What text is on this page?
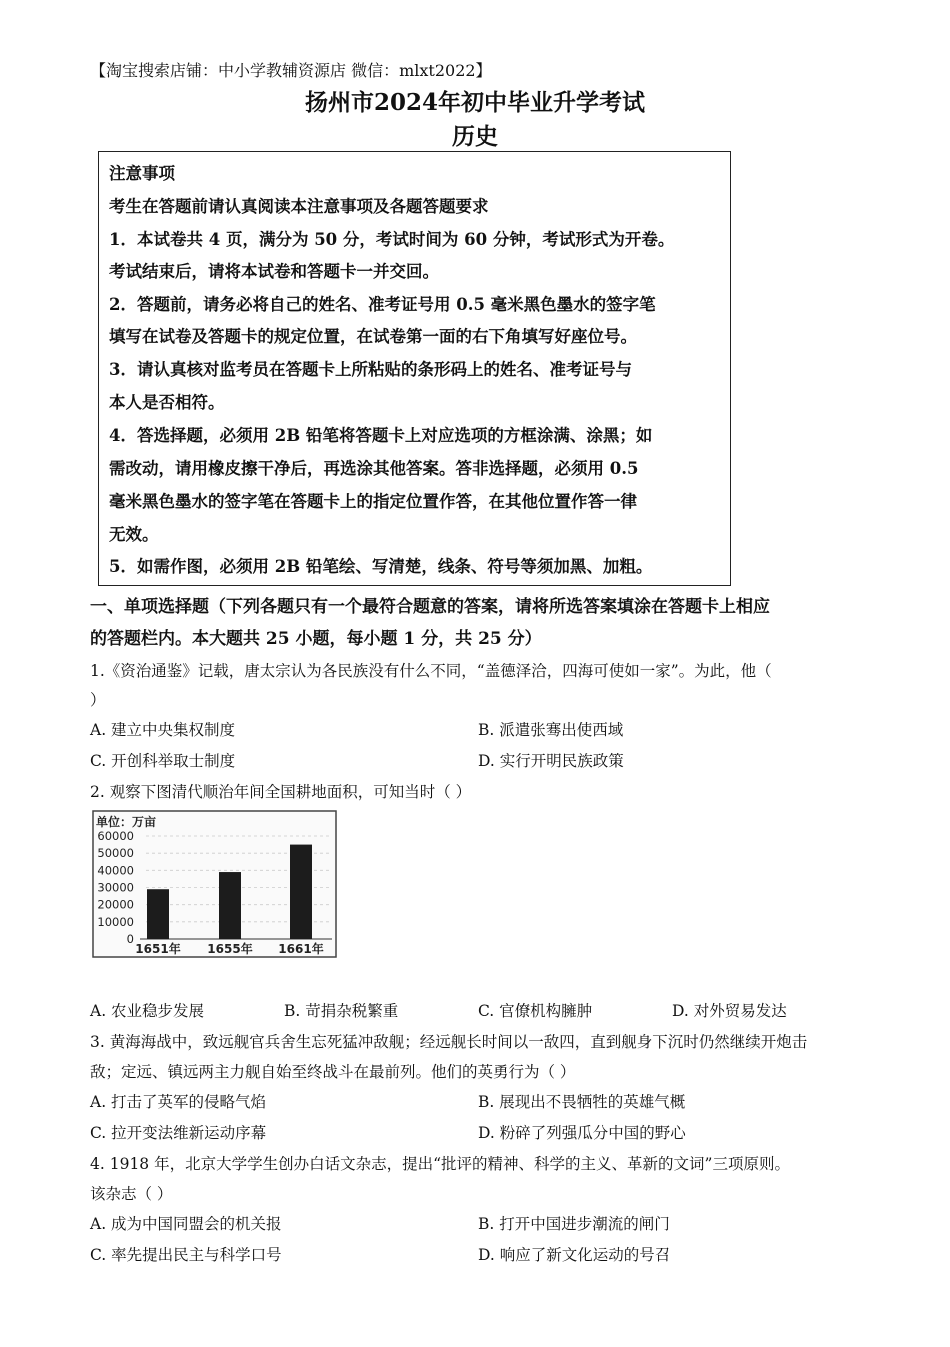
【淘宝搜索店铺：中小学教辅资源店 微信：mlxt2022】
扬州市2024年初中毕业升学考试
历史
注意事项
考生在答题前请认真阅读本注意事项及各题答题要求
1．本试卷共 4 页，满分为 50 分，考试时间为 60 分钟，考试形式为开卷。
考试结束后，请将本试卷和答题卡一并交回。
2．答题前，请务必将自己的姓名、准考证号用 0.5 毫米黑色墨水的签字笔
填写在试卷及答题卡的规定位置，在试卷第一面的右下角填写好座位号。
3．请认真核对监考员在答题卡上所粘贴的条形码上的姓名、准考证号与
本人是否相符。
4．答选择题，必须用 2B 铅笔将答题卡上对应选项的方框涂满、涂黑；如
需改动，请用橡皮擦干净后，再选涂其他答案。答非选择题，必须用 0.5
毫米黑色墨水的签字笔在答题卡上的指定位置作答，在其他位置作答一律
无效。
5．如需作图，必须用 2B 铅笔绘、写清楚，线条、符号等须加黑、加粗。
一、单项选择题（下列各题只有一个最符合题意的答案，请将所选答案填涂在答题卡上相应
的答题栏内。本大题共 25 小题，每小题 1 分，共 25 分）
1.《资治通鉴》记载，唐太宗认为各民族没有什么不同，“盖德泽洽，四海可使如一家”。为此，他（
）
A. 建立中央集权制度	B. 派遣张骞出使西域
C. 开创科举取士制度	D. 实行开明民族政策
2. 观察下图清代顺治年间全国耕地面积，可知当时（ ）
单位：万亩
60000
50000
40000
30000
20000
10000
0
1651年 1655年 1661年
A. 农业稳步发展	B. 苛捐杂税繁重	C. 官僚机构臃肿	D. 对外贸易发达
3. 黄海海战中，致远舰官兵舍生忘死猛冲敌舰；经远舰长时间以一敌四，直到舰身下沉时仍然继续开炮击
敌；定远、镇远两主力舰自始至终战斗在最前列。他们的英勇行为（ ）
A. 打击了英军的侵略气焰	B. 展现出不畏牺牲的英雄气概
C. 拉开变法维新运动序幕	D. 粉碎了列强瓜分中国的野心
4. 1918 年，北京大学学生创办白话文杂志，提出“批评的精神、科学的主义、革新的文词”三项原则。
该杂志（ ）
A. 成为中国同盟会的机关报	B. 打开中国进步潮流的闸门
C. 率先提出民主与科学口号	D. 响应了新文化运动的号召
